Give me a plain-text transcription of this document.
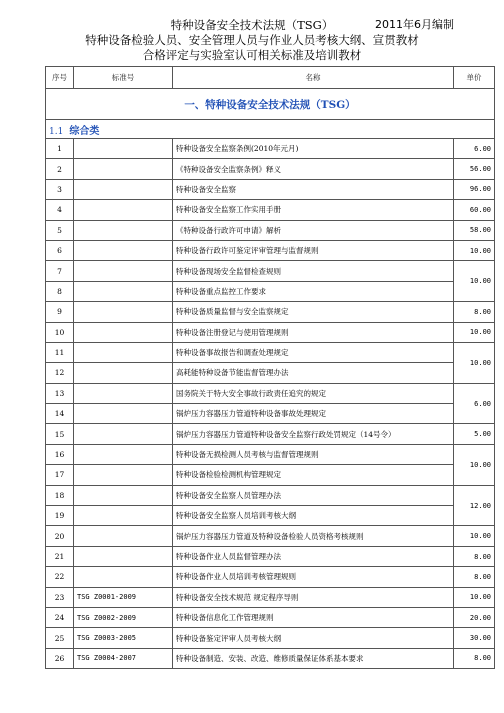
特种设备安全技术法规（TSG）	2011年6月编制
特种设备检验人员、安全管理人员与作业人员考核大纲、宣贯教材
合格评定与实验室认可相关标准及培训教材
序号	标准号	名称	单价
一、特种设备安全技术法规（TSG）			
1.1 综合类			
1		特种设备安全监察条例(2010年元月)	6.00
2		《特种设备安全监察条例》释义	56.00
3		特种设备安全监察	96.00
4		特种设备安全监察工作实用手册	60.00
5		《特种设备行政许可申请》解析	58.00
6		特种设备行政许可鉴定评审管理与监督规则	10.00
7		特种设备现场安全监督检查规则	10.00
8		特种设备重点监控工作要求	
9		特种设备质量监督与安全监察规定	8.00
10		特种设备注册登记与使用管理规则	10.00
11		特种设备事故报告和调查处理规定	10.00
12		高耗能特种设备节能监督管理办法	
13		国务院关于特大安全事故行政责任追究的规定	6.00
14		锅炉压力容器压力管道特种设备事故处理规定	
15		锅炉压力容器压力管道特种设备安全监察行政处罚规定（14号令）	5.00
16		特种设备无损检测人员考核与监督管理规则	10.00
17		特种设备检验检测机构管理规定	
18		特种设备安全监察人员管理办法	12.00
19		特种设备安全监察人员培训考核大纲	
20		锅炉压力容器压力管道及特种设备检验人员资格考核规则	10.00
21		特种设备作业人员监督管理办法	8.00
22		特种设备作业人员培训考核管理规则	8.00
23	TSG Z0001-2009	特种设备安全技术规范 规定程序导则	10.00
24	TSG Z0002-2009	特种设备信息化工作管理规则	20.00
25	TSG Z0003-2005	特种设备鉴定评审人员考核大纲	30.00
26	TSG Z0004-2007	特种设备制造、安装、改造、维修质量保证体系基本要求	8.00
